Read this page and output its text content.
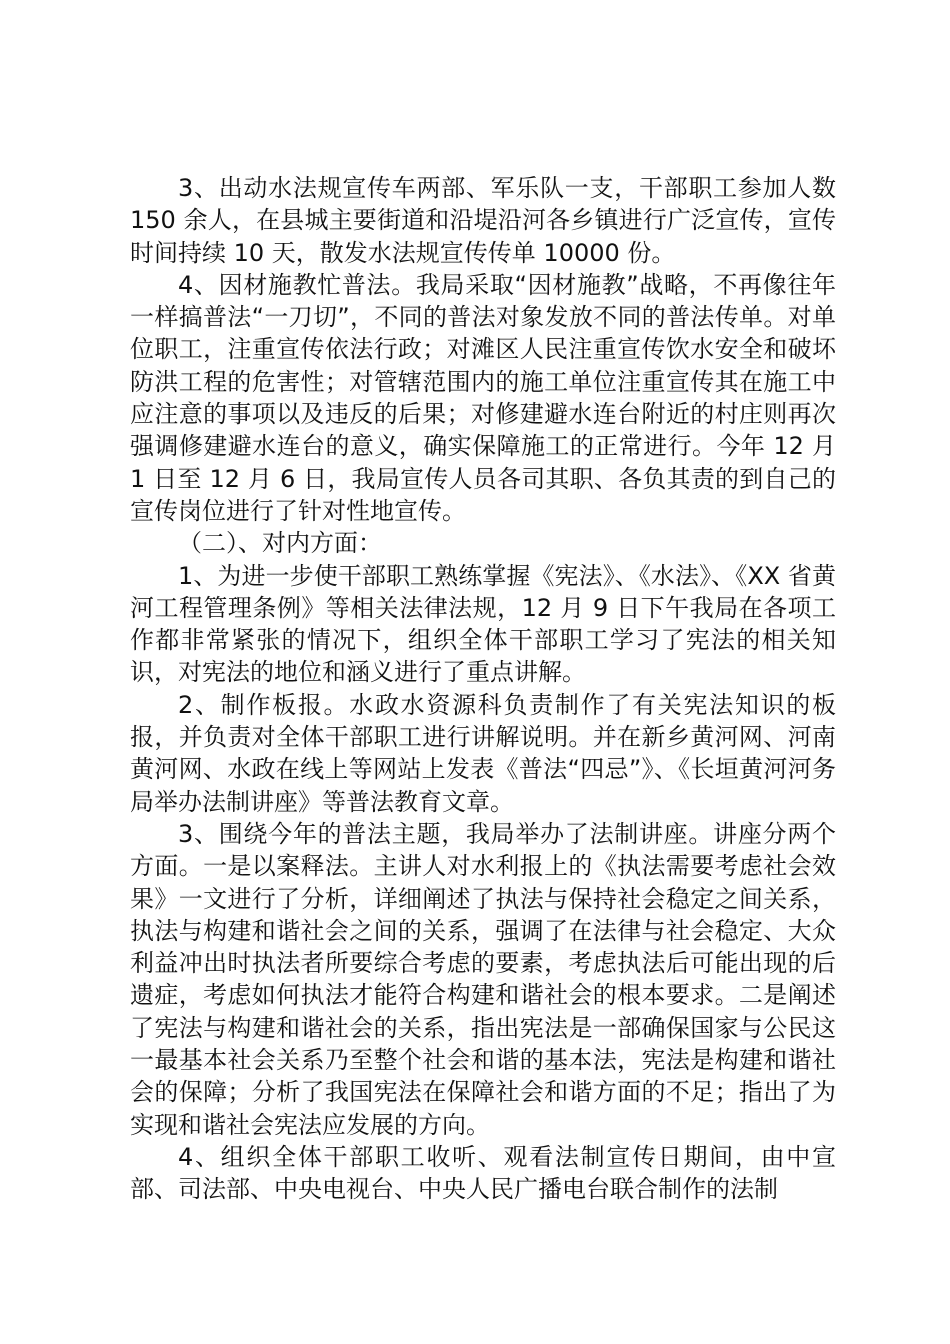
3、出动水法规宣传车两部、军乐队一支，干部职工参加人数 150 余人，在县城主要街道和沿堤沿河各乡镇进行广泛宣传，宣传时间持续 10 天，散发水法规宣传传单 10000 份。

4、因材施教忙普法。我局采取“因材施教”战略，不再像往年一样搞普法“一刀切”，不同的普法对象发放不同的普法传单。对单位职工，注重宣传依法行政；对滩区人民注重宣传饮水安全和破坏防洪工程的危害性；对管辖范围内的施工单位注重宣传其在施工中应注意的事项以及违反的后果；对修建避水连台附近的村庄则再次强调修建避水连台的意义，确实保障施工的正常进行。今年 12 月 1 日至 12 月 6 日，我局宣传人员各司其职、各负其责的到自己的宣传岗位进行了针对性地宣传。

（二）、对内方面：

1、为进一步使干部职工熟练掌握《宪法》、《水法》、《XX 省黄河工程管理条例》等相关法律法规，12 月 9 日下午我局在各项工作都非常紧张的情况下，组织全体干部职工学习了宪法的相关知识，对宪法的地位和涵义进行了重点讲解。

2、制作板报。水政水资源科负责制作了有关宪法知识的板报，并负责对全体干部职工进行讲解说明。并在新乡黄河网、河南黄河网、水政在线上等网站上发表《普法“四忌”》、《长垣黄河河务局举办法制讲座》等普法教育文章。

3、围绕今年的普法主题，我局举办了法制讲座。讲座分两个方面。一是以案释法。主讲人对水利报上的《执法需要考虑社会效果》一文进行了分析，详细阐述了执法与保持社会稳定之间关系，执法与构建和谐社会之间的关系，强调了在法律与社会稳定、大众利益冲出时执法者所要综合考虑的要素，考虑执法后可能出现的后遗症，考虑如何执法才能符合构建和谐社会的根本要求。二是阐述了宪法与构建和谐社会的关系，指出宪法是一部确保国家与公民这一最基本社会关系乃至整个社会和谐的基本法，宪法是构建和谐社会的保障；分析了我国宪法在保障社会和谐方面的不足；指出了为实现和谐社会宪法应发展的方向。

4、组织全体干部职工收听、观看法制宣传日期间，由中宣部、司法部、中央电视台、中央人民广播电台联合制作的法制
